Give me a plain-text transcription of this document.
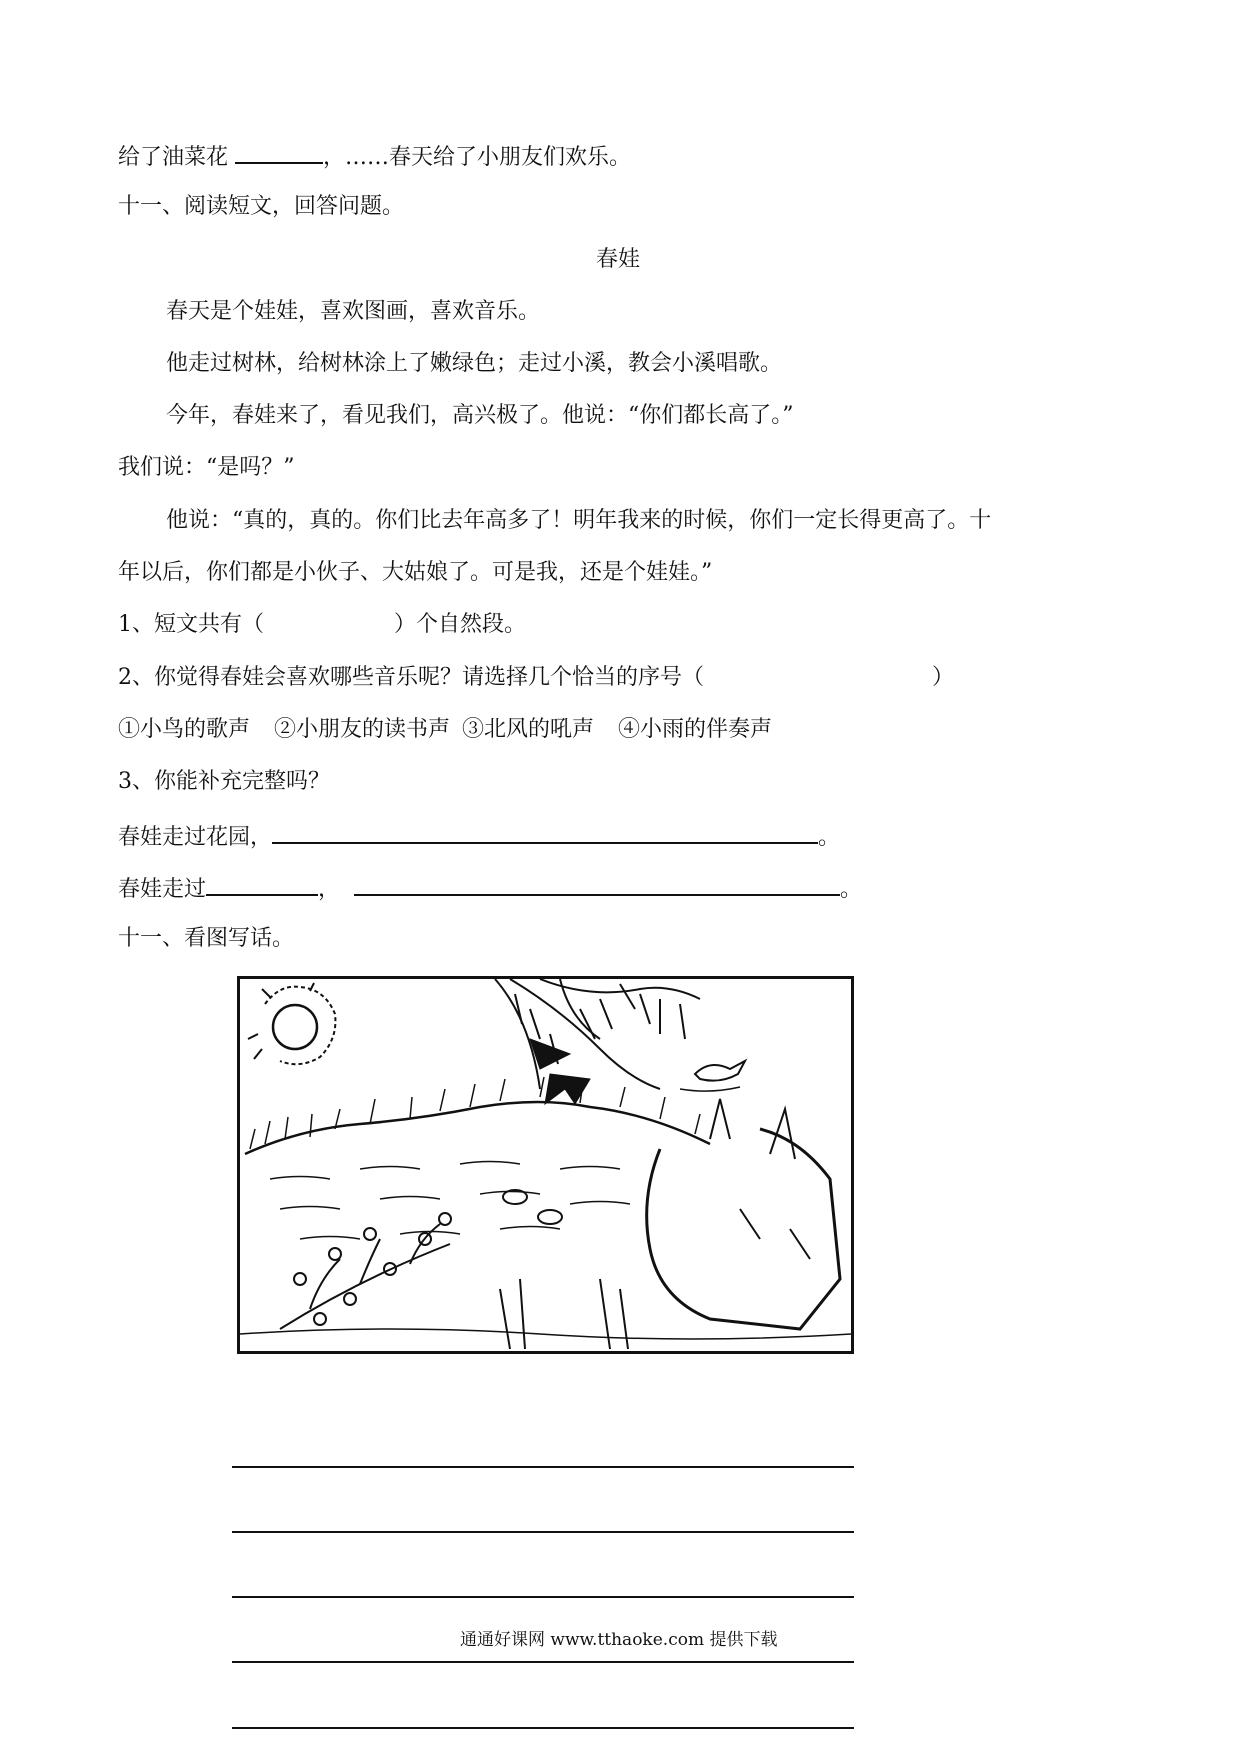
给了油菜花	，……春天给了小朋友们欢乐。
十一、阅读短文，回答问题。
春娃
春天是个娃娃，喜欢图画，喜欢音乐。
他走过树林，给树林涂上了嫩绿色；走过小溪，教会小溪唱歌。
今年，春娃来了，看见我们，高兴极了。他说：“你们都长高了。”
我们说：“是吗？”
他说：“真的，真的。你们比去年高多了！明年我来的时候，你们一定长得更高了。十
年以后，你们都是小伙子、大姑娘了。可是我，还是个娃娃。”
1、短文共有（	）个自然段。
2、你觉得春娃会喜欢哪些音乐呢？请选择几个恰当的序号（	）
①小鸟的歌声 ②小朋友的读书声 ③北风的吼声 ④小雨的伴奏声
3、你能补充完整吗？
春娃走过花园，	。
春娃走过	，	。
十一、看图写话。
通通好课网 www.tthaoke.com 提供下载
